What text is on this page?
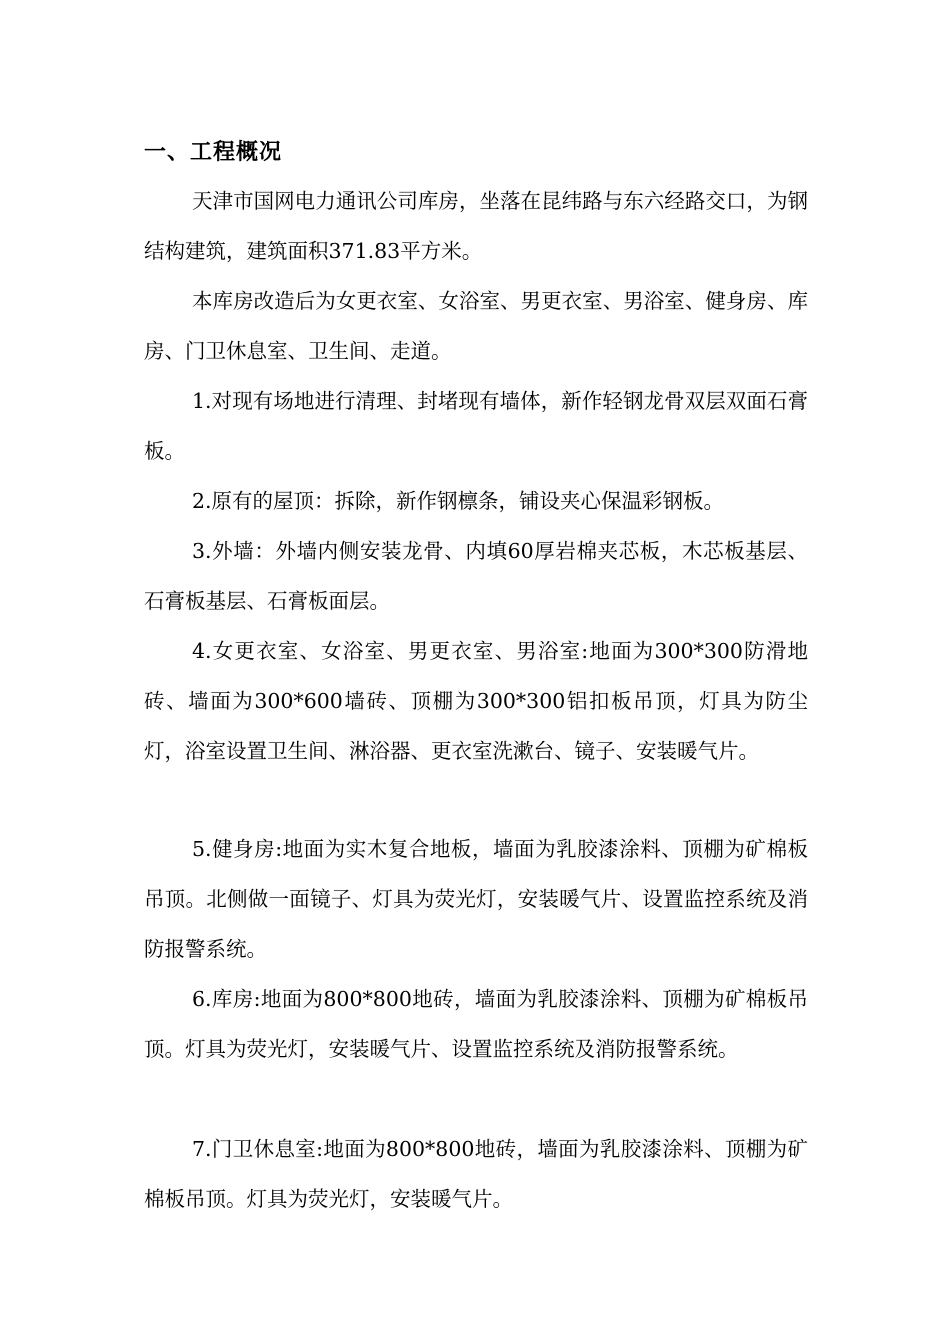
一、工程概况

天津市国网电力通讯公司库房，坐落在昆纬路与东六经路交口，为钢结构建筑，建筑面积371.83平方米。

本库房改造后为女更衣室、女浴室、男更衣室、男浴室、健身房、库房、门卫休息室、卫生间、走道。

1.对现有场地进行清理、封堵现有墙体，新作轻钢龙骨双层双面石膏板。

2.原有的屋顶：拆除，新作钢檩条，铺设夹心保温彩钢板。

3.外墙：外墙内侧安装龙骨、内填60厚岩棉夹芯板，木芯板基层、石膏板基层、石膏板面层。

4.女更衣室、女浴室、男更衣室、男浴室:地面为300*300防滑地砖、墙面为300*600墙砖、顶棚为300*300铝扣板吊顶，灯具为防尘灯，浴室设置卫生间、淋浴器、更衣室洗漱台、镜子、安装暖气片。

5.健身房:地面为实木复合地板，墙面为乳胶漆涂料、顶棚为矿棉板吊顶。北侧做一面镜子、灯具为荧光灯，安装暖气片、设置监控系统及消防报警系统。

6.库房:地面为800*800地砖，墙面为乳胶漆涂料、顶棚为矿棉板吊顶。灯具为荧光灯，安装暖气片、设置监控系统及消防报警系统。

7.门卫休息室:地面为800*800地砖，墙面为乳胶漆涂料、顶棚为矿棉板吊顶。灯具为荧光灯，安装暖气片。
